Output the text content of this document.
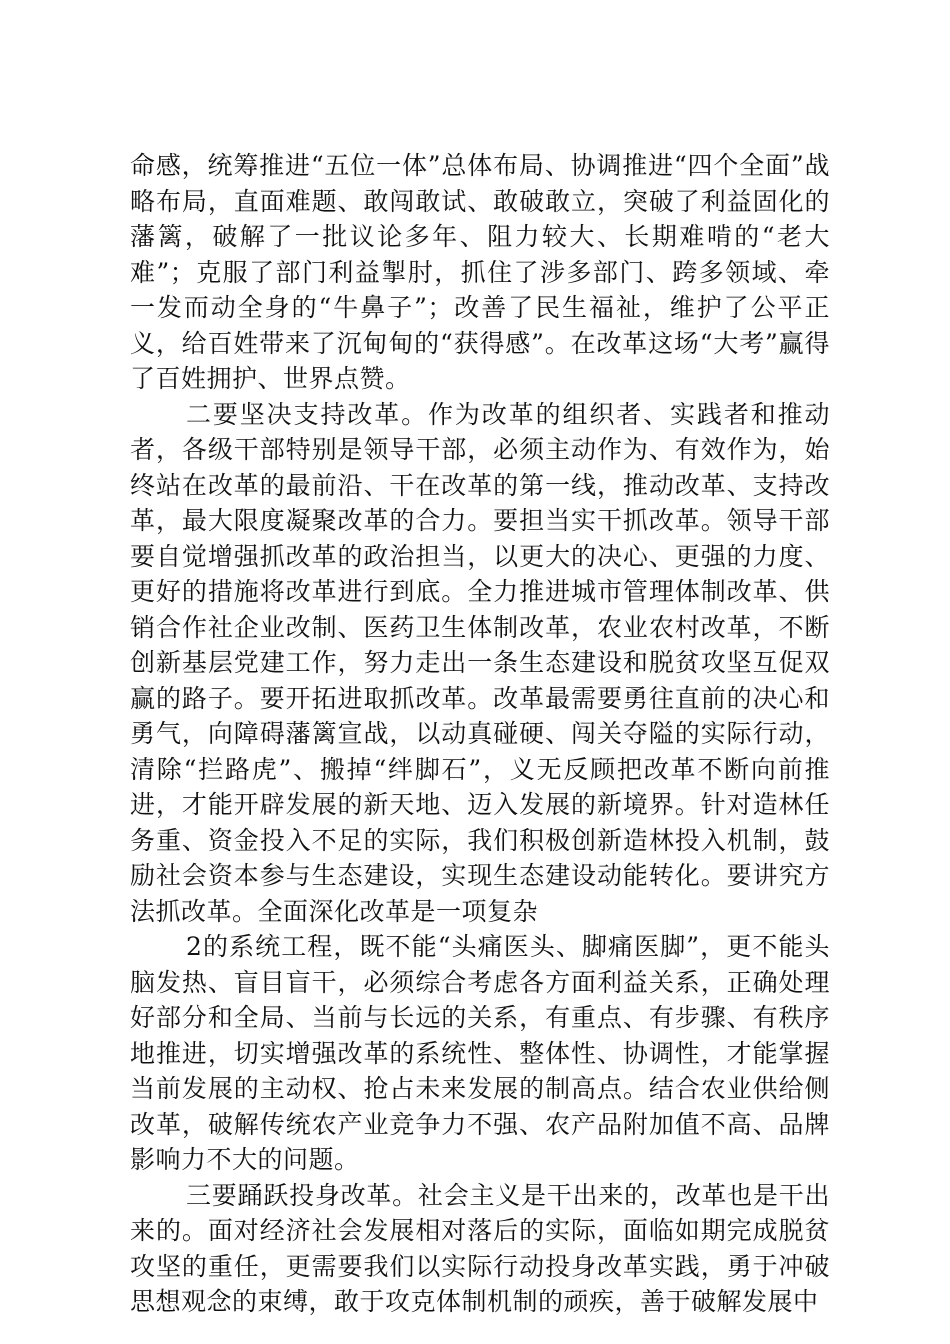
命感，统筹推进“五位一体”总体布局、协调推进“四个全面”战略布局，直面难题、敢闯敢试、敢破敢立，突破了利益固化的藩篱，破解了一批议论多年、阻力较大、长期难啃的“老大难”；克服了部门利益掣肘，抓住了涉多部门、跨多领域、牵一发而动全身的“牛鼻子”；改善了民生福祉，维护了公平正义，给百姓带来了沉甸甸的“获得感”。在改革这场“大考”赢得了百姓拥护、世界点赞。

二要坚决支持改革。作为改革的组织者、实践者和推动者，各级干部特别是领导干部，必须主动作为、有效作为，始终站在改革的最前沿、干在改革的第一线，推动改革、支持改革，最大限度凝聚改革的合力。要担当实干抓改革。领导干部要自觉增强抓改革的政治担当，以更大的决心、更强的力度、更好的措施将改革进行到底。全力推进城市管理体制改革、供销合作社企业改制、医药卫生体制改革，农业农村改革，不断创新基层党建工作，努力走出一条生态建设和脱贫攻坚互促双赢的路子。要开拓进取抓改革。改革最需要勇往直前的决心和勇气，向障碍藩篱宣战，以动真碰硬、闯关夺隘的实际行动，清除“拦路虎”、搬掉“绊脚石”，义无反顾把改革不断向前推进，才能开辟发展的新天地、迈入发展的新境界。针对造林任务重、资金投入不足的实际，我们积极创新造林投入机制，鼓励社会资本参与生态建设，实现生态建设动能转化。要讲究方法抓改革。全面深化改革是一项复杂

2的系统工程，既不能“头痛医头、脚痛医脚”，更不能头脑发热、盲目盲干，必须综合考虑各方面利益关系，正确处理好部分和全局、当前与长远的关系，有重点、有步骤、有秩序地推进，切实增强改革的系统性、整体性、协调性，才能掌握当前发展的主动权、抢占未来发展的制高点。结合农业供给侧改革，破解传统农产业竞争力不强、农产品附加值不高、品牌影响力不大的问题。

三要踊跃投身改革。社会主义是干出来的，改革也是干出来的。面对经济社会发展相对落后的实际，面临如期完成脱贫攻坚的重任，更需要我们以实际行动投身改革实践，勇于冲破思想观念的束缚，敢于攻克体制机制的顽疾，善于破解发展中
